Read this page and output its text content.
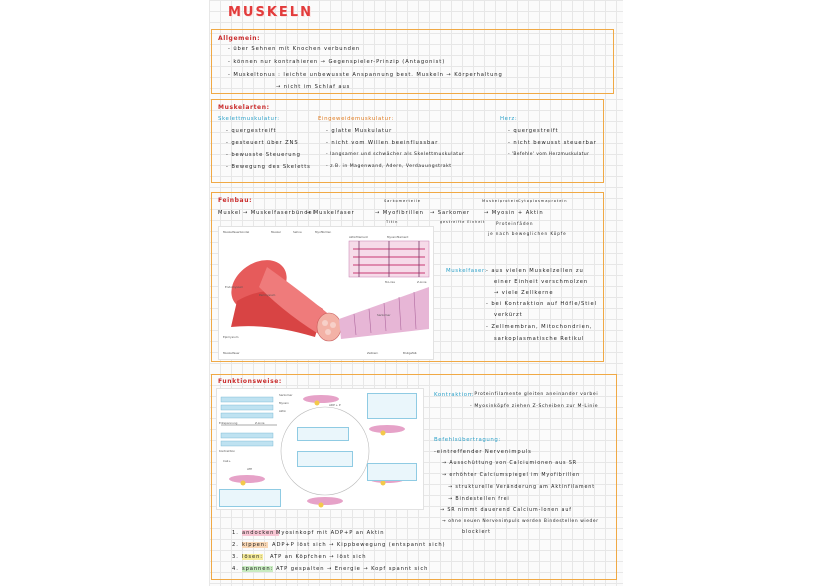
MUSKELN
Allgemein:
- über Sehnen mit Knochen verbunden
- können nur kontrahieren → Gegenspieler-Prinzip (Antagonist)
- Muskeltonus : leichte unbewusste Anspannung best. Muskeln → Körperhaltung
→ nicht im Schlaf aus
Muskelarten:
Skelettmuskulatur:
- quergestreift
- gesteuert über ZNS
- bewusste Steuerung
- Bewegung des Skeletts
Eingeweidemuskulatur:
- glatte Muskulatur
- nicht vom Willen beeinflussbar
- langsamer und schwächer als Skelettmuskulatur
- z.B. in Magenwand, Adern, Verdauungstrakt
Herz:
- quergestreift
- nicht bewusst steuerbar
- 'Befehle' vom Herzmuskulatur
Feinbau:
Muskel → Muskelfaserbündel
→ Muskelfaser	→ Myofibrillen → Sarkomer
Sarkomerteile	Muskelprotein Cytoplasmaprotein
Titin	gestreifte Einheit
→ Myosin + Aktin
Proteinfäden
je nach beweglichen Köpfe
Muskelfaserbündel	Muskel	Sehne	Myofibrillen
Endomysium
Perimysium
Epimysium
Muskelfaser
Sarkomer
Aktinfilament	Myosinfilament
Z-Linie
M-Linie
Zellkern	Blutgefäß
Muskelfaser:
- aus vielen Muskelzellen zu
einer Einheit verschmolzen
→ viele Zellkerne
- bei Kontraktion auf Höfle/Stiel
verkürzt
- Zellmembran, Mitochondrien,
sarkoplasmatische Retikul
Funktionsweise:
Sarkomer
Myosin
Aktin
Z-Linie
Entspannung
Kontraktion
ATP
ADP + P
Ca2+
Kontraktion:
- Proteinfilamente gleiten aneinander vorbei
- Myosinköpfe ziehen Z-Scheiben zur M-Linie
Befehlsübertragung:
-eintreffender Nervenimpuls
→ Ausschüttung von Calciumionen aus SR
→ erhöhter Calciumspiegel im Myofibrillen
→ strukturelle Veränderung am Aktinfilament
→ Bindestellen frei
→ SR nimmt dauerend Calcium-Ionen auf
→ ohne neuen Nervenimpuls werden Bindestellen wieder
blockiert
1. andocken :
Myosinkopf mit ADP+P an Aktin
2. kippen: ADP+P löst sich → Kippbewegung (entspannt sich)
3. lösen: ATP an Köpfchen → löst sich
4. spannen: ATP gespalten → Energie → Kopf spannt sich
